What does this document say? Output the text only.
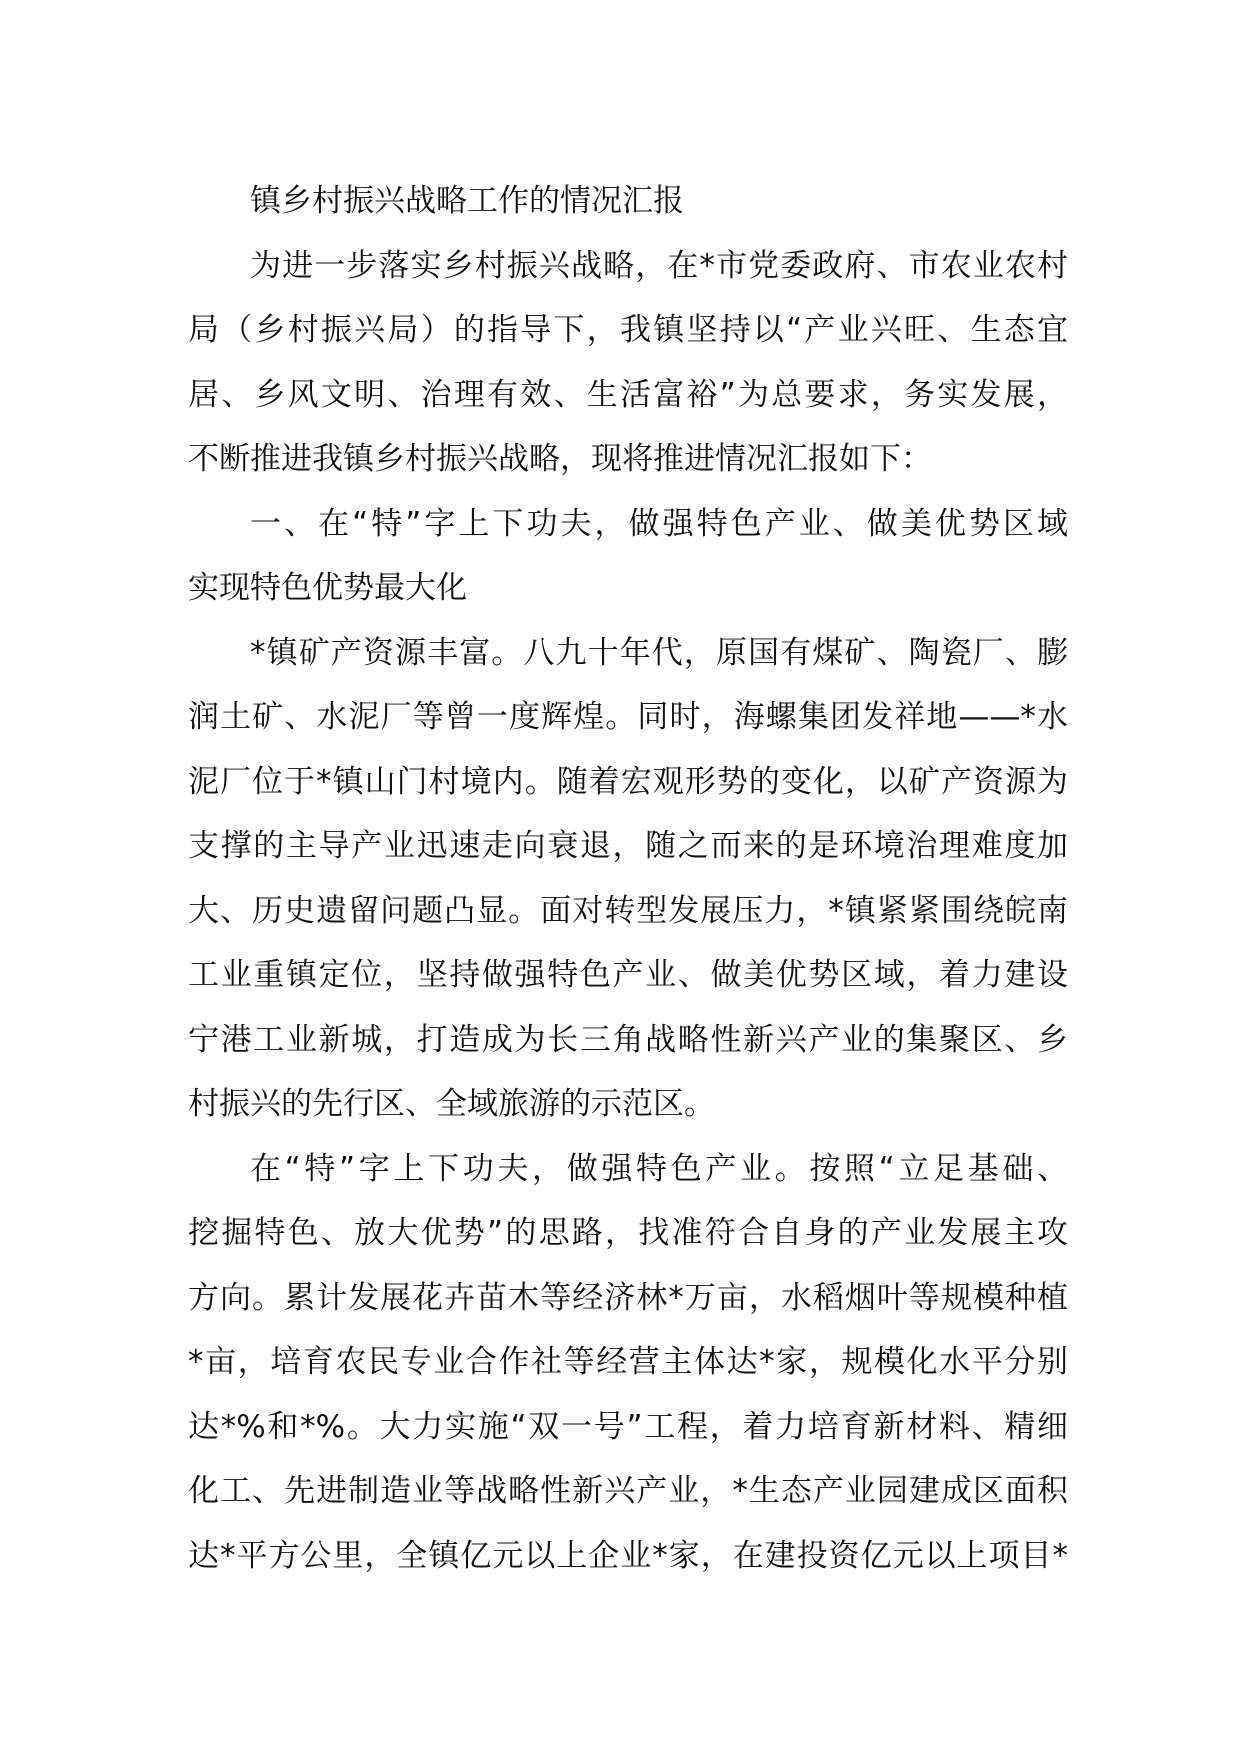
镇乡村振兴战略工作的情况汇报
为进一步落实乡村振兴战略，在*市党委政府、市农业农村
局（乡村振兴局）的指导下，我镇坚持以“产业兴旺、生态宜
居、乡风文明、治理有效、生活富裕”为总要求，务实发展，
不断推进我镇乡村振兴战略，现将推进情况汇报如下：
一、在“特”字上下功夫，做强特色产业、做美优势区域
实现特色优势最大化
*镇矿产资源丰富。八九十年代，原国有煤矿、陶瓷厂、膨
润土矿、水泥厂等曾一度辉煌。同时，海螺集团发祥地——*水
泥厂位于*镇山门村境内。随着宏观形势的变化，以矿产资源为
支撑的主导产业迅速走向衰退，随之而来的是环境治理难度加
大、历史遗留问题凸显。面对转型发展压力，*镇紧紧围绕皖南
工业重镇定位，坚持做强特色产业、做美优势区域，着力建设
宁港工业新城，打造成为长三角战略性新兴产业的集聚区、乡
村振兴的先行区、全域旅游的示范区。
在“特”字上下功夫，做强特色产业。按照“立足基础、
挖掘特色、放大优势”的思路，找准符合自身的产业发展主攻
方向。累计发展花卉苗木等经济林*万亩，水稻烟叶等规模种植
*亩，培育农民专业合作社等经营主体达*家，规模化水平分别
达*%和*%。大力实施“双一号”工程，着力培育新材料、精细
化工、先进制造业等战略性新兴产业，*生态产业园建成区面积
达*平方公里，全镇亿元以上企业*家，在建投资亿元以上项目*
